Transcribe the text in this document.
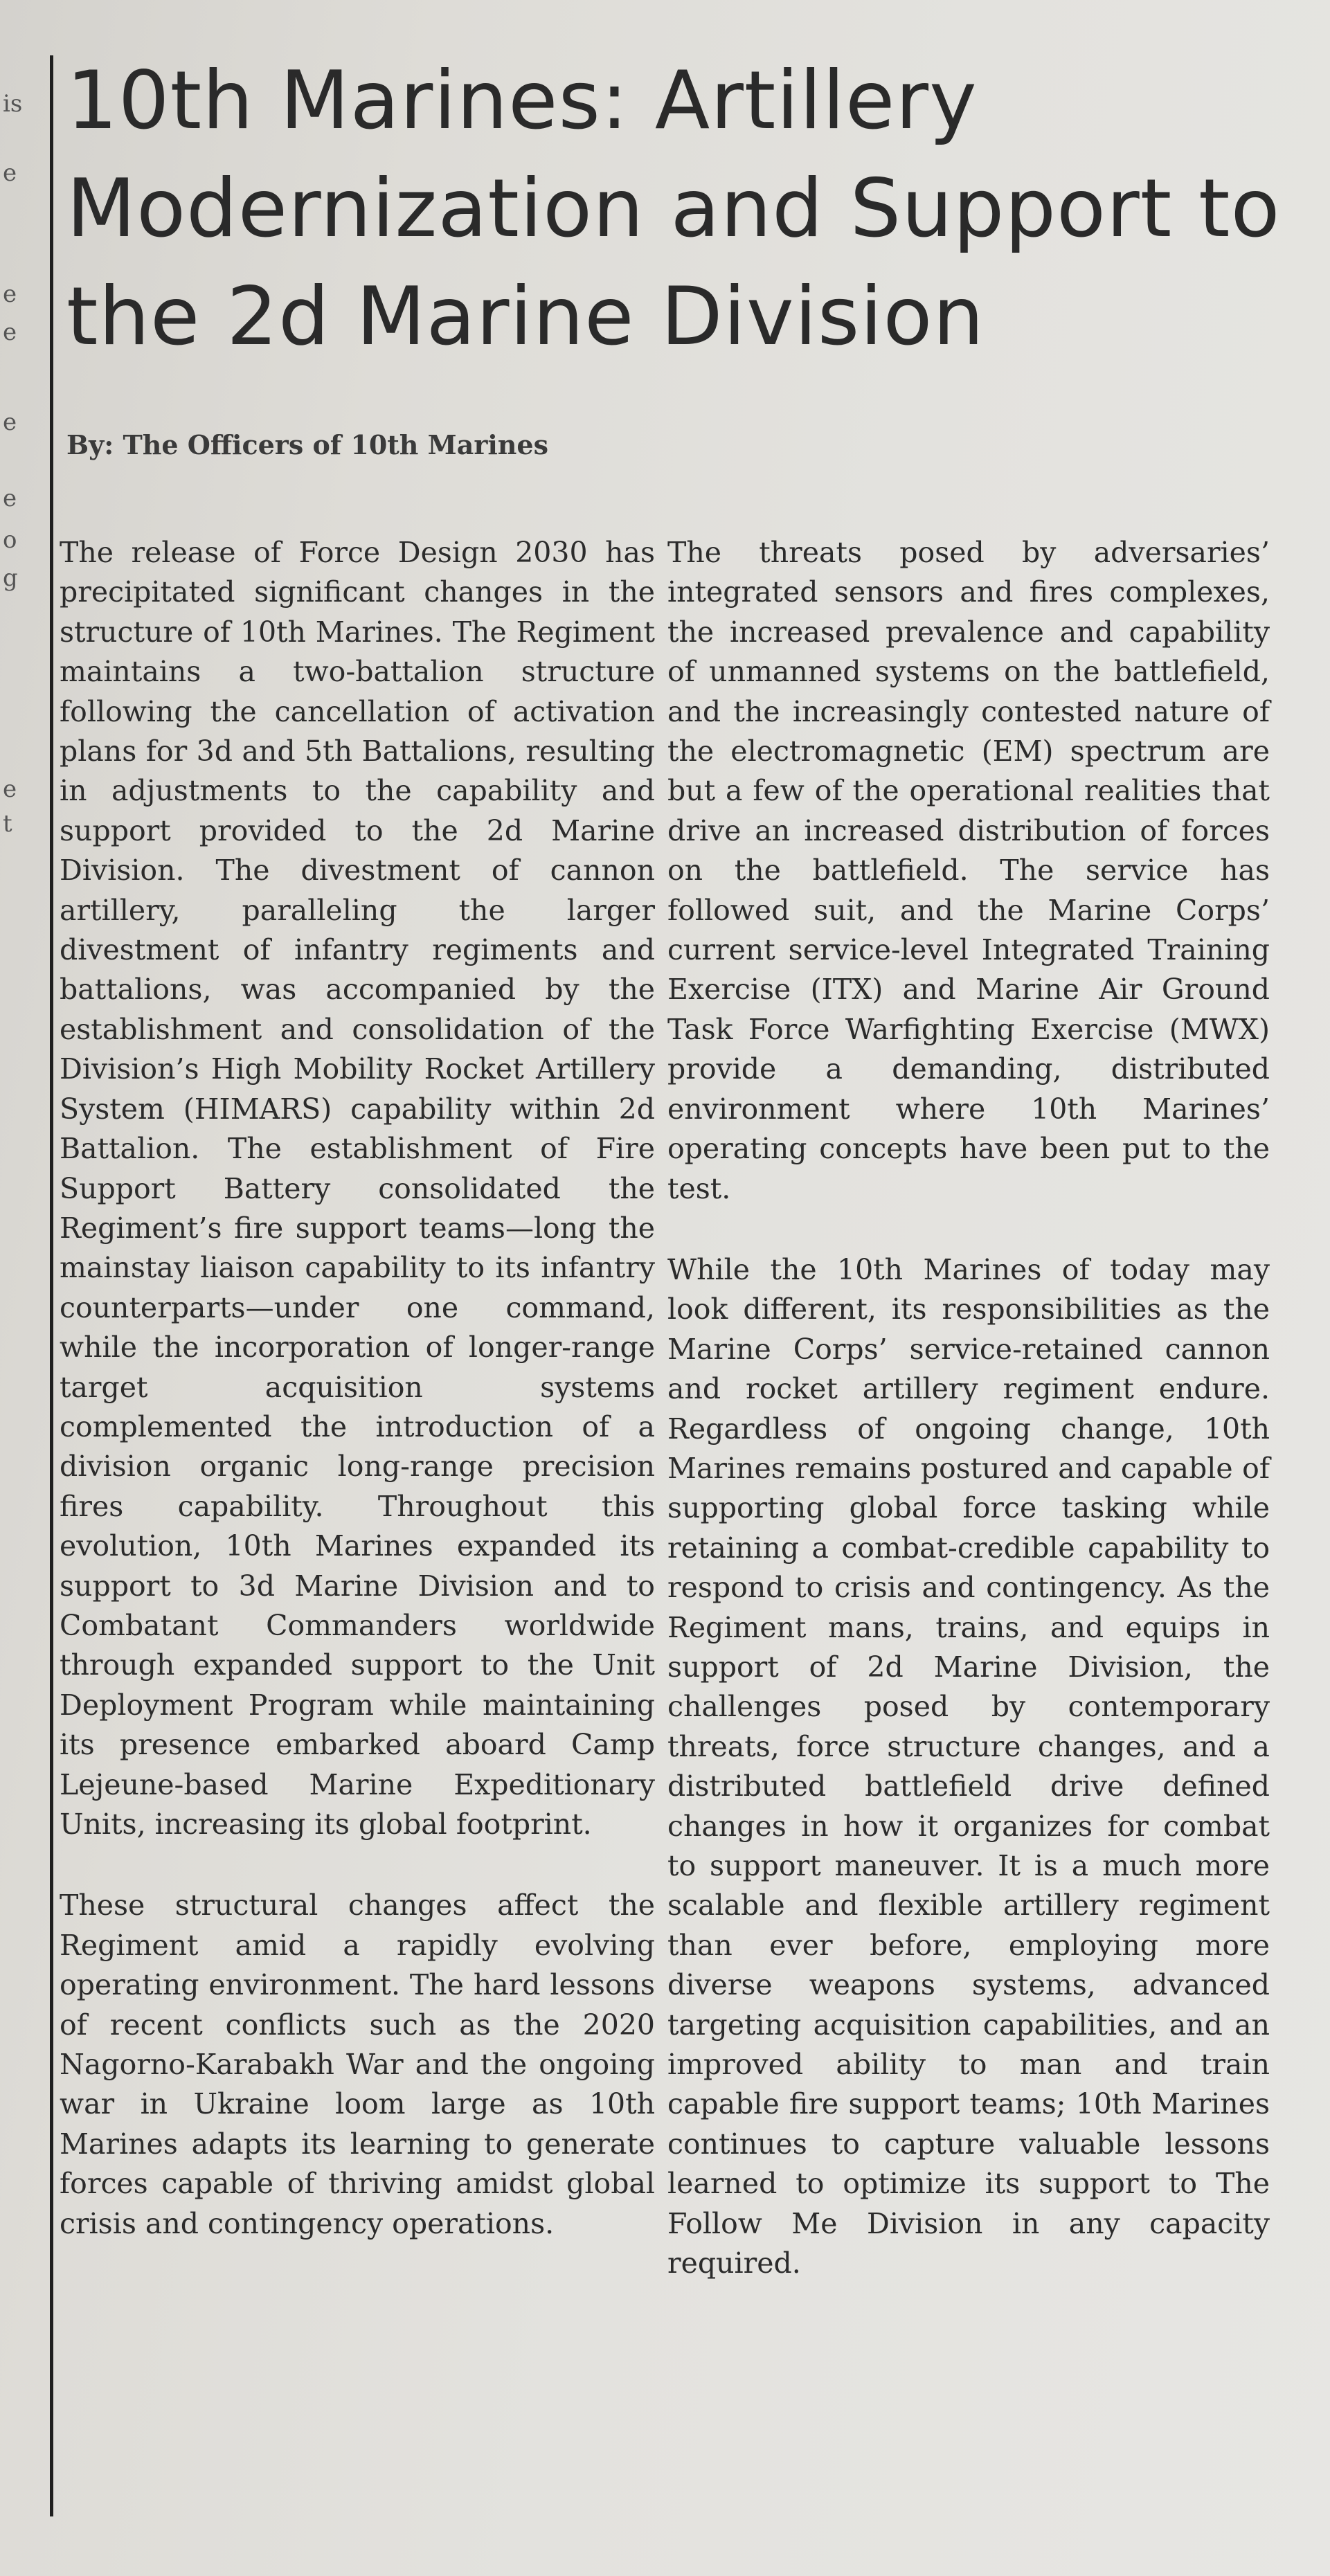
is
e
e
e
e
e
o
g
e
t
10th Marines: Artillery Modernization and Support to the 2d Marine Division
By: The Officers of 10th Marines

The release of Force Design 2030 has precipitated significant changes in the structure of 10th Marines. The Regiment maintains a two-battalion structure following the cancellation of activation plans for 3d and 5th Battalions, resulting in adjustments to the capability and support provided to the 2d Marine Division. The divestment of cannon artillery, paralleling the larger divestment of infantry regiments and battalions, was accompanied by the establishment and consolidation of the Division’s High Mobility Rocket Artillery System (HIMARS) capability within 2d Battalion. The establishment of Fire Support Battery consolidated the Regiment’s fire support teams—long the mainstay liaison capability to its infantry counterparts—under one command, while the incorporation of longer-range target acquisition systems complemented the introduction of a division organic long-range precision fires capability. Throughout this evolution, 10th Marines expanded its support to 3d Marine Division and to Combatant Commanders worldwide through expanded support to the Unit Deployment Program while maintaining its presence embarked aboard Camp Lejeune-based Marine Expeditionary Units, increasing its global footprint.

These structural changes affect the Regiment amid a rapidly evolving operating environment. The hard lessons of recent conflicts such as the 2020 Nagorno-Karabakh War and the ongoing war in Ukraine loom large as 10th Marines adapts its learning to generate forces capable of thriving amidst global crisis and contingency operations.

The threats posed by adversaries’ integrated sensors and fires complexes, the increased prevalence and capability of unmanned systems on the battlefield, and the increasingly contested nature of the electromagnetic (EM) spectrum are but a few of the operational realities that drive an increased distribution of forces on the battlefield. The service has followed suit, and the Marine Corps’ current service-level Integrated Training Exercise (ITX) and Marine Air Ground Task Force Warfighting Exercise (MWX) provide a demanding, distributed environment where 10th Marines’ operating concepts have been put to the test.

While the 10th Marines of today may look different, its responsibilities as the Marine Corps’ service-retained cannon and rocket artillery regiment endure. Regardless of ongoing change, 10th Marines remains postured and capable of supporting global force tasking while retaining a combat-credible capability to respond to crisis and contingency. As the Regiment mans, trains, and equips in support of 2d Marine Division, the challenges posed by contemporary threats, force structure changes, and a distributed battlefield drive defined changes in how it organizes for combat to support maneuver. It is a much more scalable and flexible artillery regiment than ever before, employing more diverse weapons systems, advanced targeting acquisition capabilities, and an improved ability to man and train capable fire support teams; 10th Marines continues to capture valuable lessons learned to optimize its support to The Follow Me Division in any capacity required.
